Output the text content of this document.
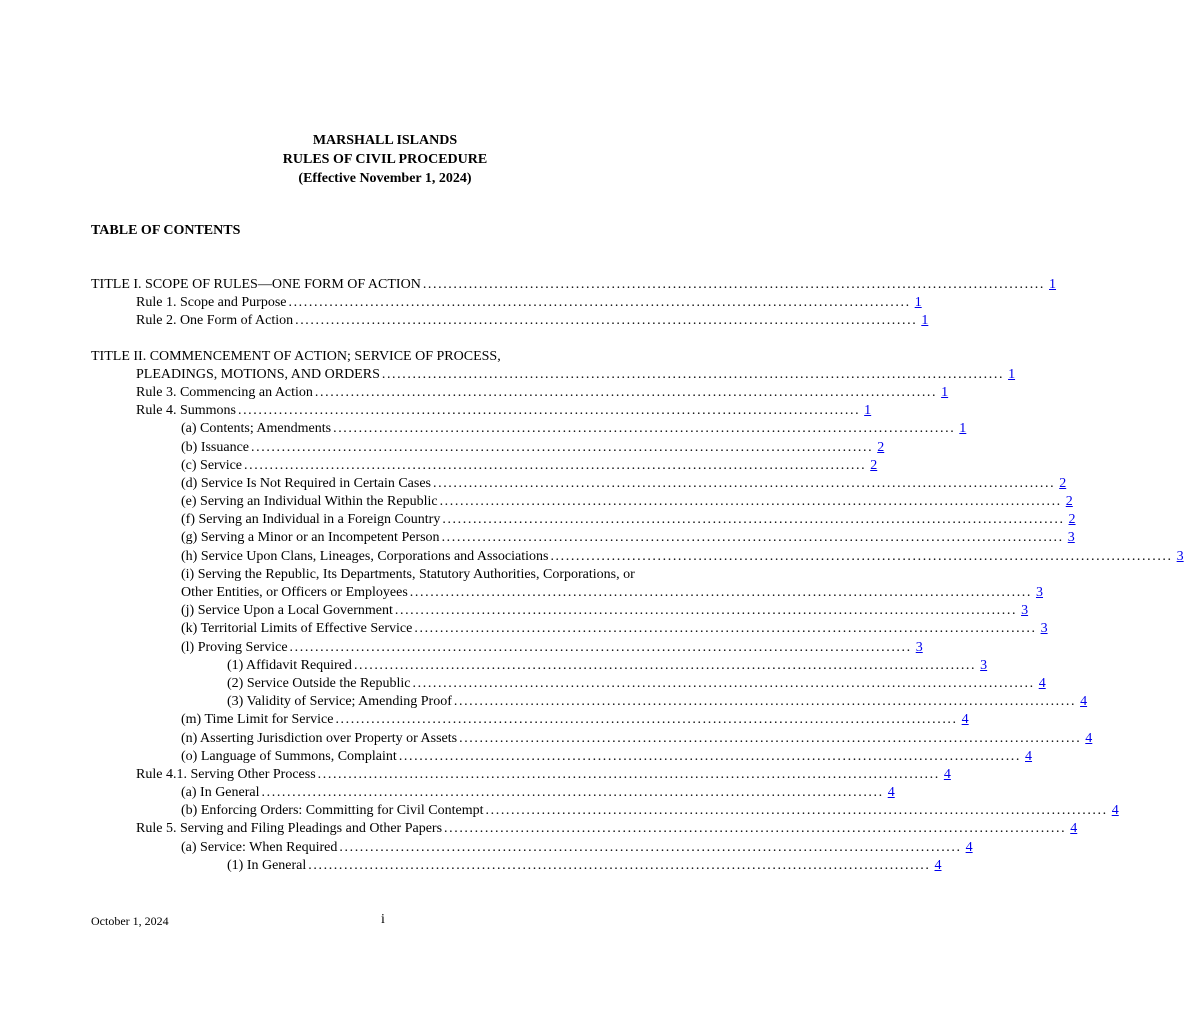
MARSHALL ISLANDS
RULES OF CIVIL PROCEDURE
(Effective November 1, 2024)
TABLE OF CONTENTS
TITLE I. SCOPE OF RULES—ONE FORM OF ACTION .......................................................................................................................... 1
Rule 1. Scope and Purpose .......................................................................................................................... 1
Rule 2. One Form of Action .......................................................................................................................... 1
TITLE II. COMMENCEMENT OF ACTION; SERVICE OF PROCESS,
PLEADINGS, MOTIONS, AND ORDERS .......................................................................................................................... 1
Rule 3. Commencing an Action .......................................................................................................................... 1
Rule 4. Summons .......................................................................................................................... 1
(a) Contents; Amendments .......................................................................................................................... 1
(b) Issuance .......................................................................................................................... 2
(c) Service .......................................................................................................................... 2
(d) Service Is Not Required in Certain Cases .......................................................................................................................... 2
(e) Serving an Individual Within the Republic .......................................................................................................................... 2
(f) Serving an Individual in a Foreign Country .......................................................................................................................... 2
(g) Serving a Minor or an Incompetent Person .......................................................................................................................... 3
(h) Service Upon Clans, Lineages, Corporations and Associations .......................................................................................................................... 3
(i) Serving the Republic, Its Departments, Statutory Authorities, Corporations, or
Other Entities, or Officers or Employees .......................................................................................................................... 3
(j) Service Upon a Local Government .......................................................................................................................... 3
(k) Territorial Limits of Effective Service .......................................................................................................................... 3
(l) Proving Service .......................................................................................................................... 3
(1) Affidavit Required .......................................................................................................................... 3
(2) Service Outside the Republic .......................................................................................................................... 4
(3) Validity of Service; Amending Proof .......................................................................................................................... 4
(m) Time Limit for Service .......................................................................................................................... 4
(n) Asserting Jurisdiction over Property or Assets .......................................................................................................................... 4
(o) Language of Summons, Complaint .......................................................................................................................... 4
Rule 4.1. Serving Other Process .......................................................................................................................... 4
(a) In General .......................................................................................................................... 4
(b) Enforcing Orders: Committing for Civil Contempt .......................................................................................................................... 4
Rule 5. Serving and Filing Pleadings and Other Papers .......................................................................................................................... 4
(a) Service: When Required .......................................................................................................................... 4
(1) In General .......................................................................................................................... 4
October 1, 2024	i
